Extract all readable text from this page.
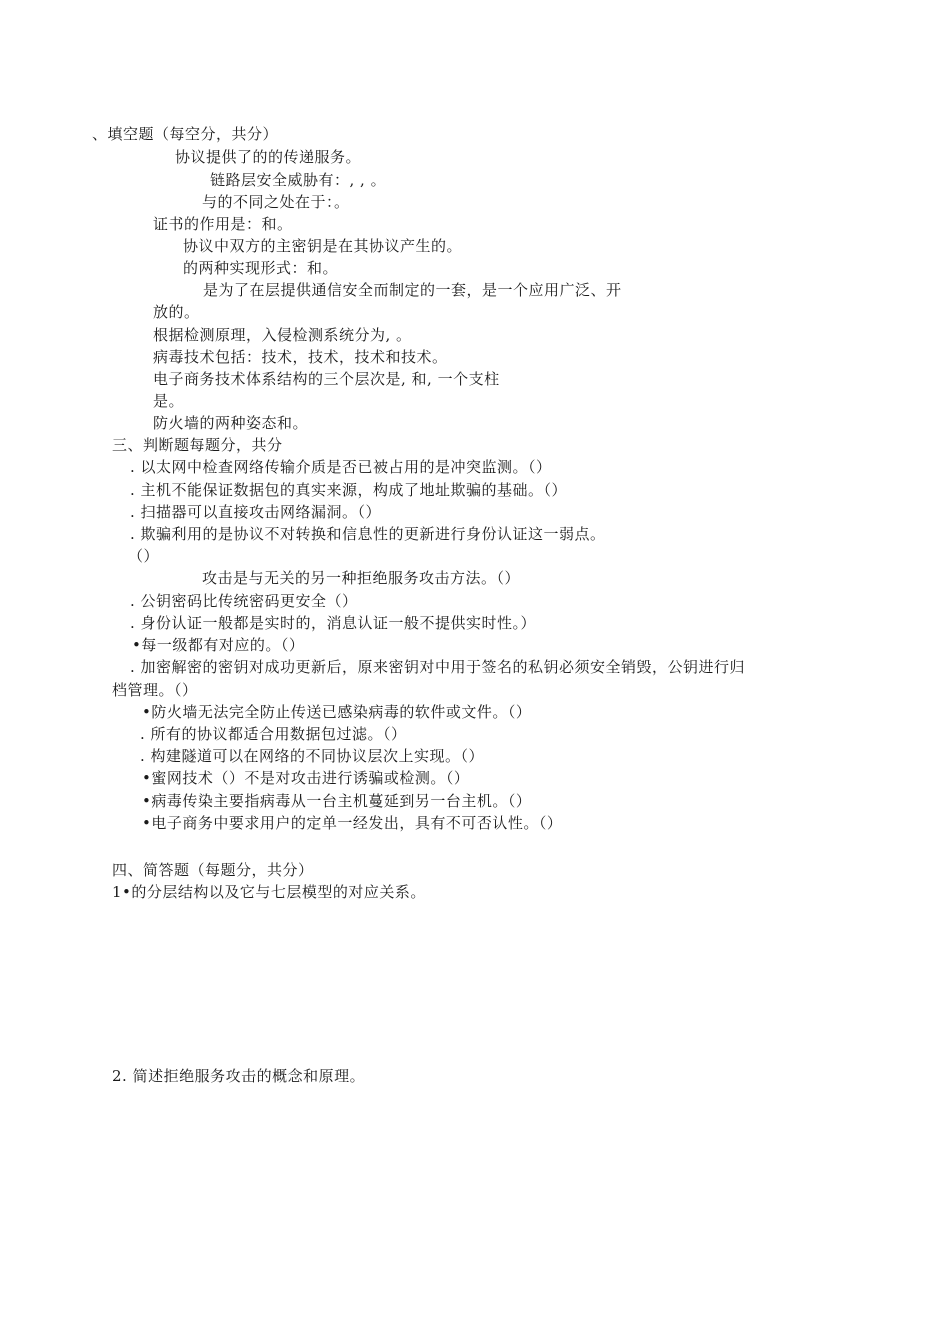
、填空题（每空分，共分）
协议提供了的的传递服务。
链路层安全威胁有：, , 。
与的不同之处在于：。
证书的作用是：和。
协议中双方的主密钥是在其协议产生的。
的两种实现形式：和。
是为了在层提供通信安全而制定的一套，是一个应用广泛、开
放的。
根据检测原理，入侵检测系统分为, 。
病毒技术包括：技术，技术，技术和技术。
电子商务技术体系结构的三个层次是, 和, 一个支柱
是。
防火墙的两种姿态和。
三、判断题每题分，共分
. 以太网中检查网络传输介质是否已被占用的是冲突监测。（）
. 主机不能保证数据包的真实来源，构成了地址欺骗的基础。（）
. 扫描器可以直接攻击网络漏洞。（）
. 欺骗利用的是协议不对转换和信息性的更新进行身份认证这一弱点。
（）
攻击是与无关的另一种拒绝服务攻击方法。（）
. 公钥密码比传统密码更安全（）
. 身份认证一般都是实时的，消息认证一般不提供实时性。）
•每一级都有对应的。（）
. 加密解密的密钥对成功更新后，原来密钥对中用于签名的私钥必须安全销毁，公钥进行归
档管理。（）
•防火墙无法完全防止传送已感染病毒的软件或文件。（）
. 所有的协议都适合用数据包过滤。（）
. 构建隧道可以在网络的不同协议层次上实现。（）
•蜜网技术（）不是对攻击进行诱骗或检测。（）
•病毒传染主要指病毒从一台主机蔓延到另一台主机。（）
•电子商务中要求用户的定单一经发出，具有不可否认性。（）
四、简答题（每题分，共分）
1•的分层结构以及它与七层模型的对应关系。
2. 简述拒绝服务攻击的概念和原理。
